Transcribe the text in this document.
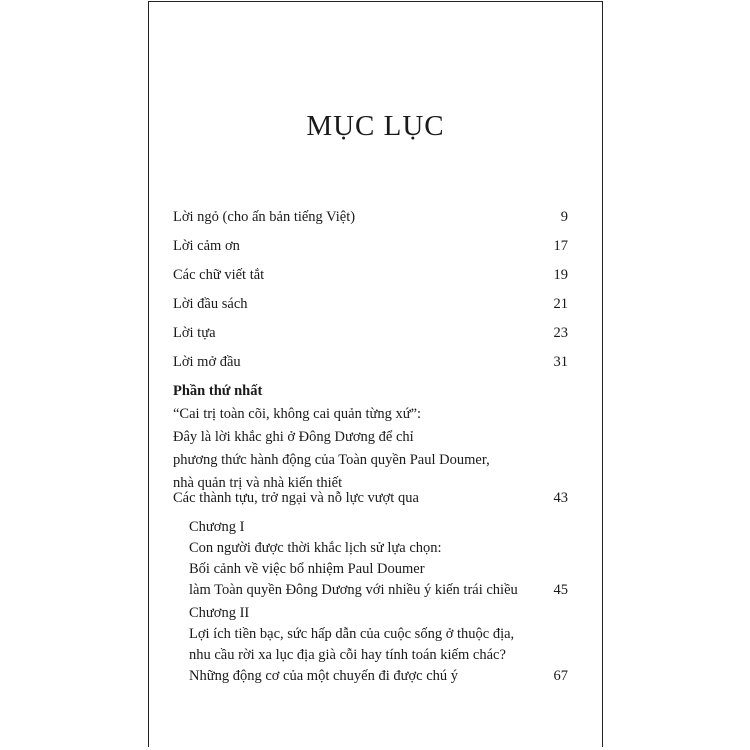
MỤC LỤC
Lời ngỏ (cho ấn bản tiếng Việt)	9
Lời cảm ơn	17
Các chữ viết tắt	19
Lời đầu sách	21
Lời tựa	23
Lời mở đầu	31
Phần thứ nhất
“Cai trị toàn cõi, không cai quản từng xứ”:
Đây là lời khắc ghi ở Đông Dương để chỉ
phương thức hành động của Toàn quyền Paul Doumer,
nhà quản trị và nhà kiến thiết
Các thành tựu, trở ngại và nỗ lực vượt qua	43
Chương I
Con người được thời khắc lịch sử lựa chọn:
Bối cảnh về việc bổ nhiệm Paul Doumer
làm Toàn quyền Đông Dương với nhiều ý kiến trái chiều	45
Chương II
Lợi ích tiền bạc, sức hấp dẫn của cuộc sống ở thuộc địa,
nhu cầu rời xa lục địa già cỗi hay tính toán kiếm chác?
Những động cơ của một chuyến đi được chú ý	67
